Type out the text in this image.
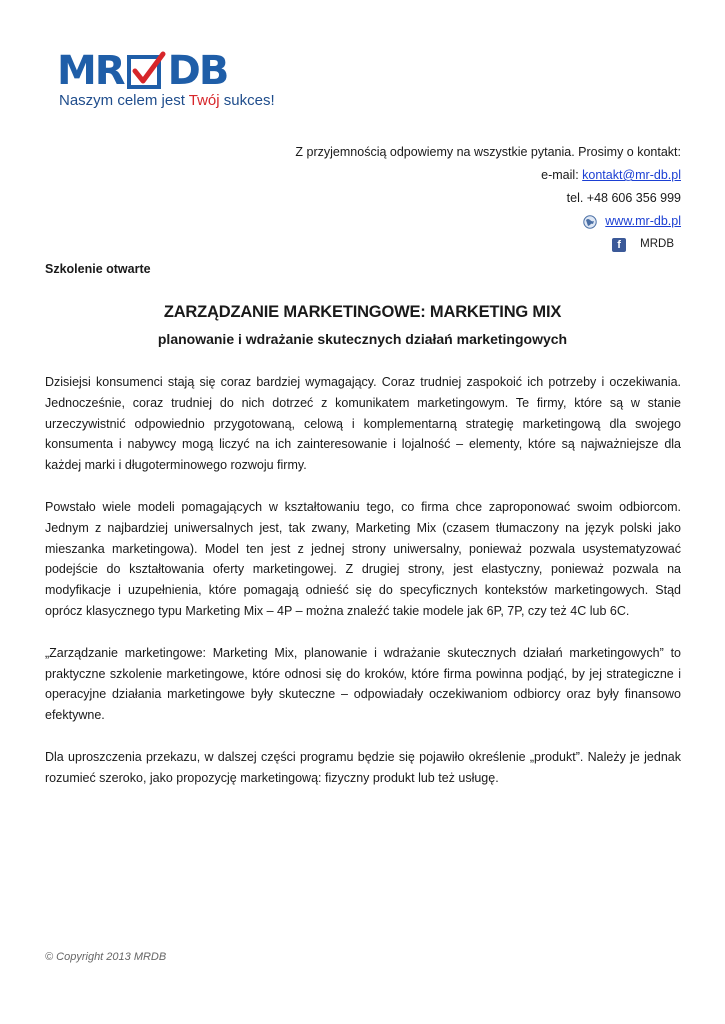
MR DB
Naszym celem jest Twój sukces!
Z przyjemnością odpowiemy na wszystkie pytania. Prosimy o kontakt:
e-mail:
kontakt@mr-db.pl
tel. +48 606 356 999
www.mr-db.pl
f	MRDB
Szkolenie otwarte
ZARZĄDZANIE MARKETINGOWE: MARKETING MIX
planowanie i wdrażanie skutecznych działań marketingowych

Dzisiejsi konsumenci stają się coraz bardziej wymagający. Coraz trudniej zaspokoić ich potrzeby i oczekiwania. Jednocześnie, coraz trudniej do nich dotrzeć z komunikatem marketingowym. Te firmy, które są w stanie urzeczywistnić odpowiednio przygotowaną, celową i komplementarną strategię marketingową dla swojego konsumenta i nabywcy mogą liczyć na ich zainteresowanie i lojalność – elementy, które są najważniejsze dla każdej marki i długoterminowego rozwoju firmy.

Powstało wiele modeli pomagających w kształtowaniu tego, co firma chce zaproponować swoim odbiorcom. Jednym z najbardziej uniwersalnych jest, tak zwany, Marketing Mix (czasem tłumaczony na język polski jako mieszanka marketingowa). Model ten jest z jednej strony uniwersalny, ponieważ pozwala usystematyzować podejście do kształtowania oferty marketingowej. Z drugiej strony, jest elastyczny, ponieważ pozwala na modyfikacje i uzupełnienia, które pomagają odnieść się do specyficznych kontekstów marketingowych. Stąd oprócz klasycznego typu Marketing Mix – 4P – można znaleźć takie modele jak 6P, 7P, czy też 4C lub 6C.

„Zarządzanie marketingowe: Marketing Mix, planowanie i wdrażanie skutecznych działań marketingowych” to praktyczne szkolenie marketingowe, które odnosi się do kroków, które firma powinna podjąć, by jej strategiczne i operacyjne działania marketingowe były skuteczne – odpowiadały oczekiwaniom odbiorcy oraz były finansowo efektywne.

Dla uproszczenia przekazu, w dalszej części programu będzie się pojawiło określenie „produkt”. Należy je jednak rozumieć szeroko, jako propozycję marketingową: fizyczny produkt lub też usługę.

© Copyright 2013 MRDB
